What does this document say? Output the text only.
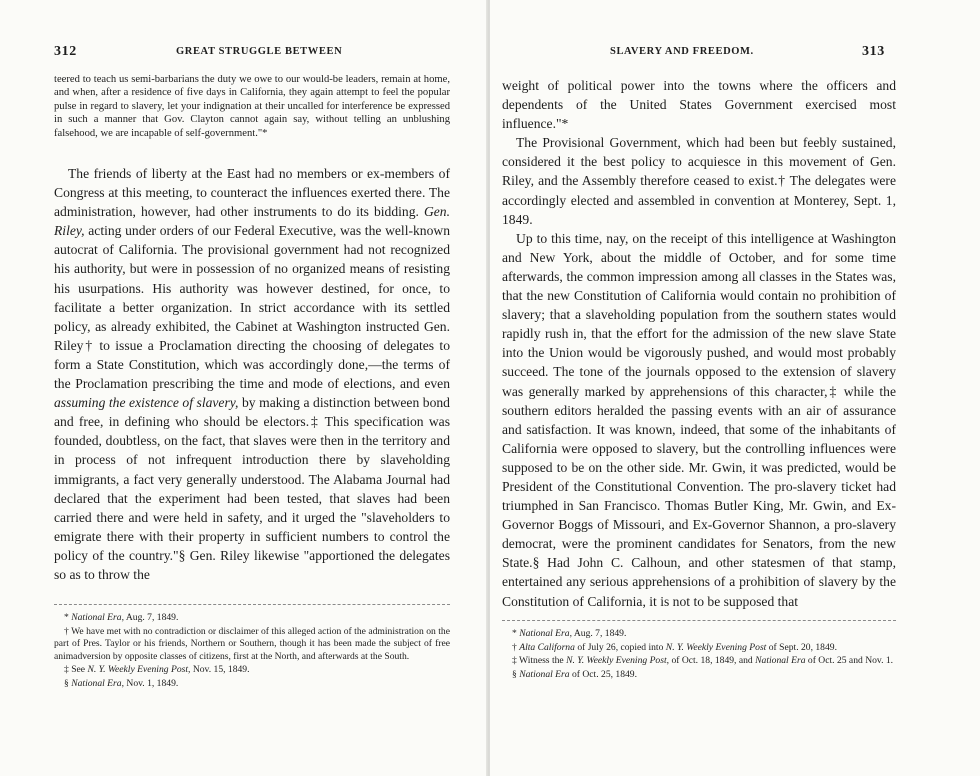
312	GREAT STRUGGLE BETWEEN

teered to teach us semi-barbarians the duty we owe to our would-be leaders, remain at home, and when, after a residence of five days in California, they again attempt to feel the popular pulse in regard to slavery, let your indignation at their uncalled for interference be expressed in such a manner that Gov. Clayton cannot again say, without telling an unblushing falsehood, we are incapable of self-government."*

The friends of liberty at the East had no members or ex-members of Congress at this meeting, to counteract the influences exerted there. The administration, however, had other instruments to do its bidding. Gen. Riley, acting under orders of our Federal Executive, was the well-known autocrat of California. The provisional government had not recognized his authority, but were in possession of no organized means of resisting his usurpations. His authority was however destined, for once, to facilitate a better organization. In strict accordance with its settled policy, as already exhibited, the Cabinet at Washington instructed Gen. Riley† to issue a Proclamation directing the choosing of delegates to form a State Constitution, which was accordingly done,—the terms of the Proclamation prescribing the time and mode of elections, and even assuming the existence of slavery, by making a distinction between bond and free, in defining who should be electors.‡ This specification was founded, doubtless, on the fact, that slaves were then in the territory and in process of not infrequent introduction there by slaveholding immigrants, a fact very generally understood. The Alabama Journal had declared that the experiment had been tested, that slaves had been carried there and were held in safety, and it urged the "slaveholders to emigrate there with their property in sufficient numbers to control the policy of the country."§ Gen. Riley likewise "apportioned the delegates so as to throw the

* National Era, Aug. 7, 1849.

† We have met with no contradiction or disclaimer of this alleged action of the administration on the part of Pres. Taylor or his friends, Northern or Southern, though it has been made the subject of free animadversion by opposite classes of citizens, first at the North, and afterwards at the South.

‡ See N. Y. Weekly Evening Post, Nov. 15, 1849.

§ National Era, Nov. 1, 1849.

SLAVERY AND FREEDOM.	313

weight of political power into the towns where the officers and dependents of the United States Government exercised most influence."*

The Provisional Government, which had been but feebly sustained, considered it the best policy to acquiesce in this movement of Gen. Riley, and the Assembly therefore ceased to exist.† The delegates were accordingly elected and assembled in convention at Monterey, Sept. 1, 1849.

Up to this time, nay, on the receipt of this intelligence at Washington and New York, about the middle of October, and for some time afterwards, the common impression among all classes in the States was, that the new Constitution of California would contain no prohibition of slavery; that a slaveholding population from the southern states would rapidly rush in, that the effort for the admission of the new slave State into the Union would be vigorously pushed, and would most probably succeed. The tone of the journals opposed to the extension of slavery was generally marked by apprehensions of this character,‡ while the southern editors heralded the passing events with an air of assurance and satisfaction. It was known, indeed, that some of the inhabitants of California were opposed to slavery, but the controlling influences were supposed to be on the other side. Mr. Gwin, it was predicted, would be President of the Constitutional Convention. The pro-slavery ticket had triumphed in San Francisco. Thomas Butler King, Mr. Gwin, and Ex-Governor Boggs of Missouri, and Ex-Governor Shannon, a pro-slavery democrat, were the prominent candidates for Senators, from the new State.§ Had John C. Calhoun, and other statesmen of that stamp, entertained any serious apprehensions of a prohibition of slavery by the Constitution of California, it is not to be supposed that

* National Era, Aug. 7, 1849.

† Alta Californa of July 26, copied into N. Y. Weekly Evening Post of Sept. 20, 1849.

‡ Witness the N. Y. Weekly Evening Post, of Oct. 18, 1849, and National Era of Oct. 25 and Nov. 1.

§ National Era of Oct. 25, 1849.
